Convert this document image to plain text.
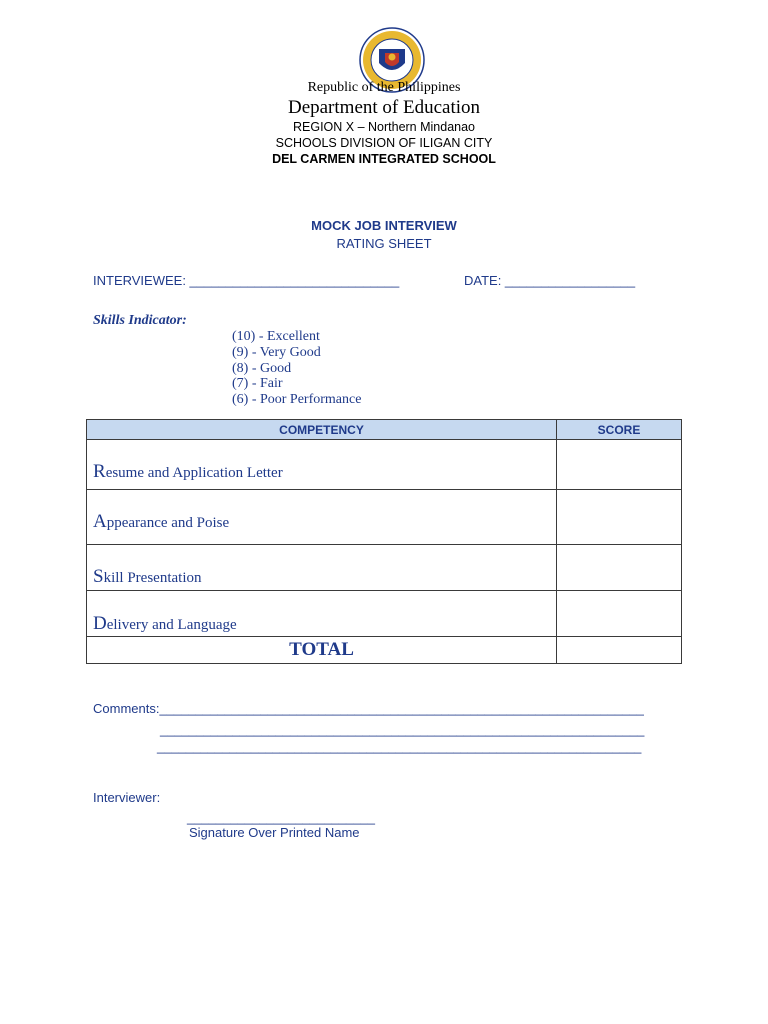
Republic of the Philippines
Department of Education
REGION X – Northern Mindanao
SCHOOLS DIVISION OF ILIGAN CITY
DEL CARMEN INTEGRATED SCHOOL
MOCK JOB INTERVIEW
RATING SHEET
INTERVIEWEE: _____________________________	DATE: __________________
Skills Indicator:
(10) - Excellent
(9) - Very Good
(8) - Good
(7) - Fair
(6) - Poor Performance
COMPETENCY	SCORE
Resume and Application Letter	
Appearance and Poise	
Skill Presentation	
Delivery and Language	
TOTAL	
Comments:___________________________________________________________________
___________________________________________________________________
___________________________________________________________________
Interviewer:
__________________________
Signature Over Printed Name
